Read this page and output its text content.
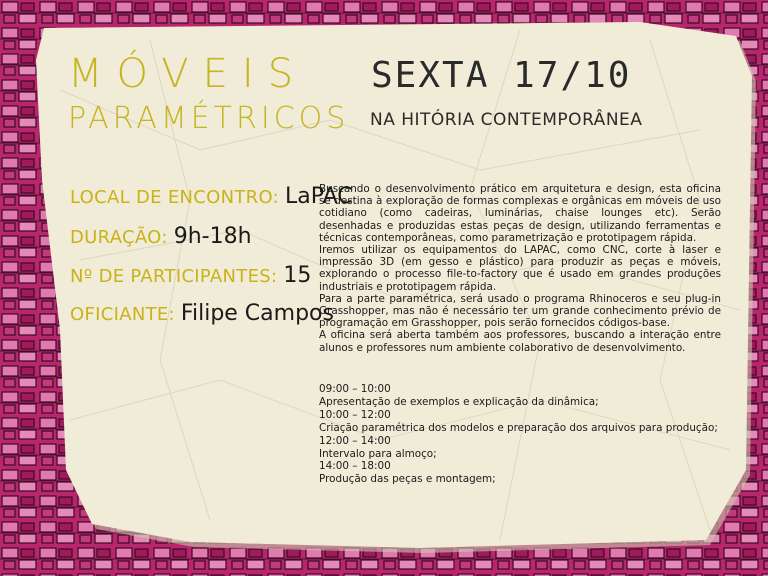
MÓVEIS
PARAMÉTRICOS
SEXTA 17/10
NA HITÓRIA CONTEMPORÂNEA
LOCAL DE ENCONTRO: LaPAC
DURAÇÃO: 9h-18h
Nº DE PARTICIPANTES: 15
OFICIANTE: Filipe Campos

Buscando o desenvolvimento prático em arquitetura e design, esta oficina se destina à exploração de formas complexas e orgânicas em móveis de uso cotidiano (como cadeiras, luminárias, chaise lounges etc). Serão desenhadas e produzidas estas peças de design, utilizando ferramentas e técnicas contemporâneas, como parametrização e prototipagem rápida.

Iremos utilizar os equipamentos do LAPAC, como CNC, corte à laser e impressão 3D (em gesso e plástico) para produzir as peças e móveis, explorando o processo file-to-factory que é usado em grandes produções industriais e prototipagem rápida.

Para a parte paramétrica, será usado o programa Rhinoceros e seu plug-in Grasshopper, mas não é necessário ter um grande conhecimento prévio de programação em Grasshopper, pois serão fornecidos códigos-base.

A oficina será aberta também aos professores, buscando a interação entre alunos e professores num ambiente colaborativo de desenvolvimento.

09:00 – 10:00
Apresentação de exemplos e explicação da dinâmica;
10:00 – 12:00
Criação paramétrica dos modelos e preparação dos arquivos para produção;
12:00 – 14:00
Intervalo para almoço;
14:00 – 18:00
Produção das peças e montagem;
